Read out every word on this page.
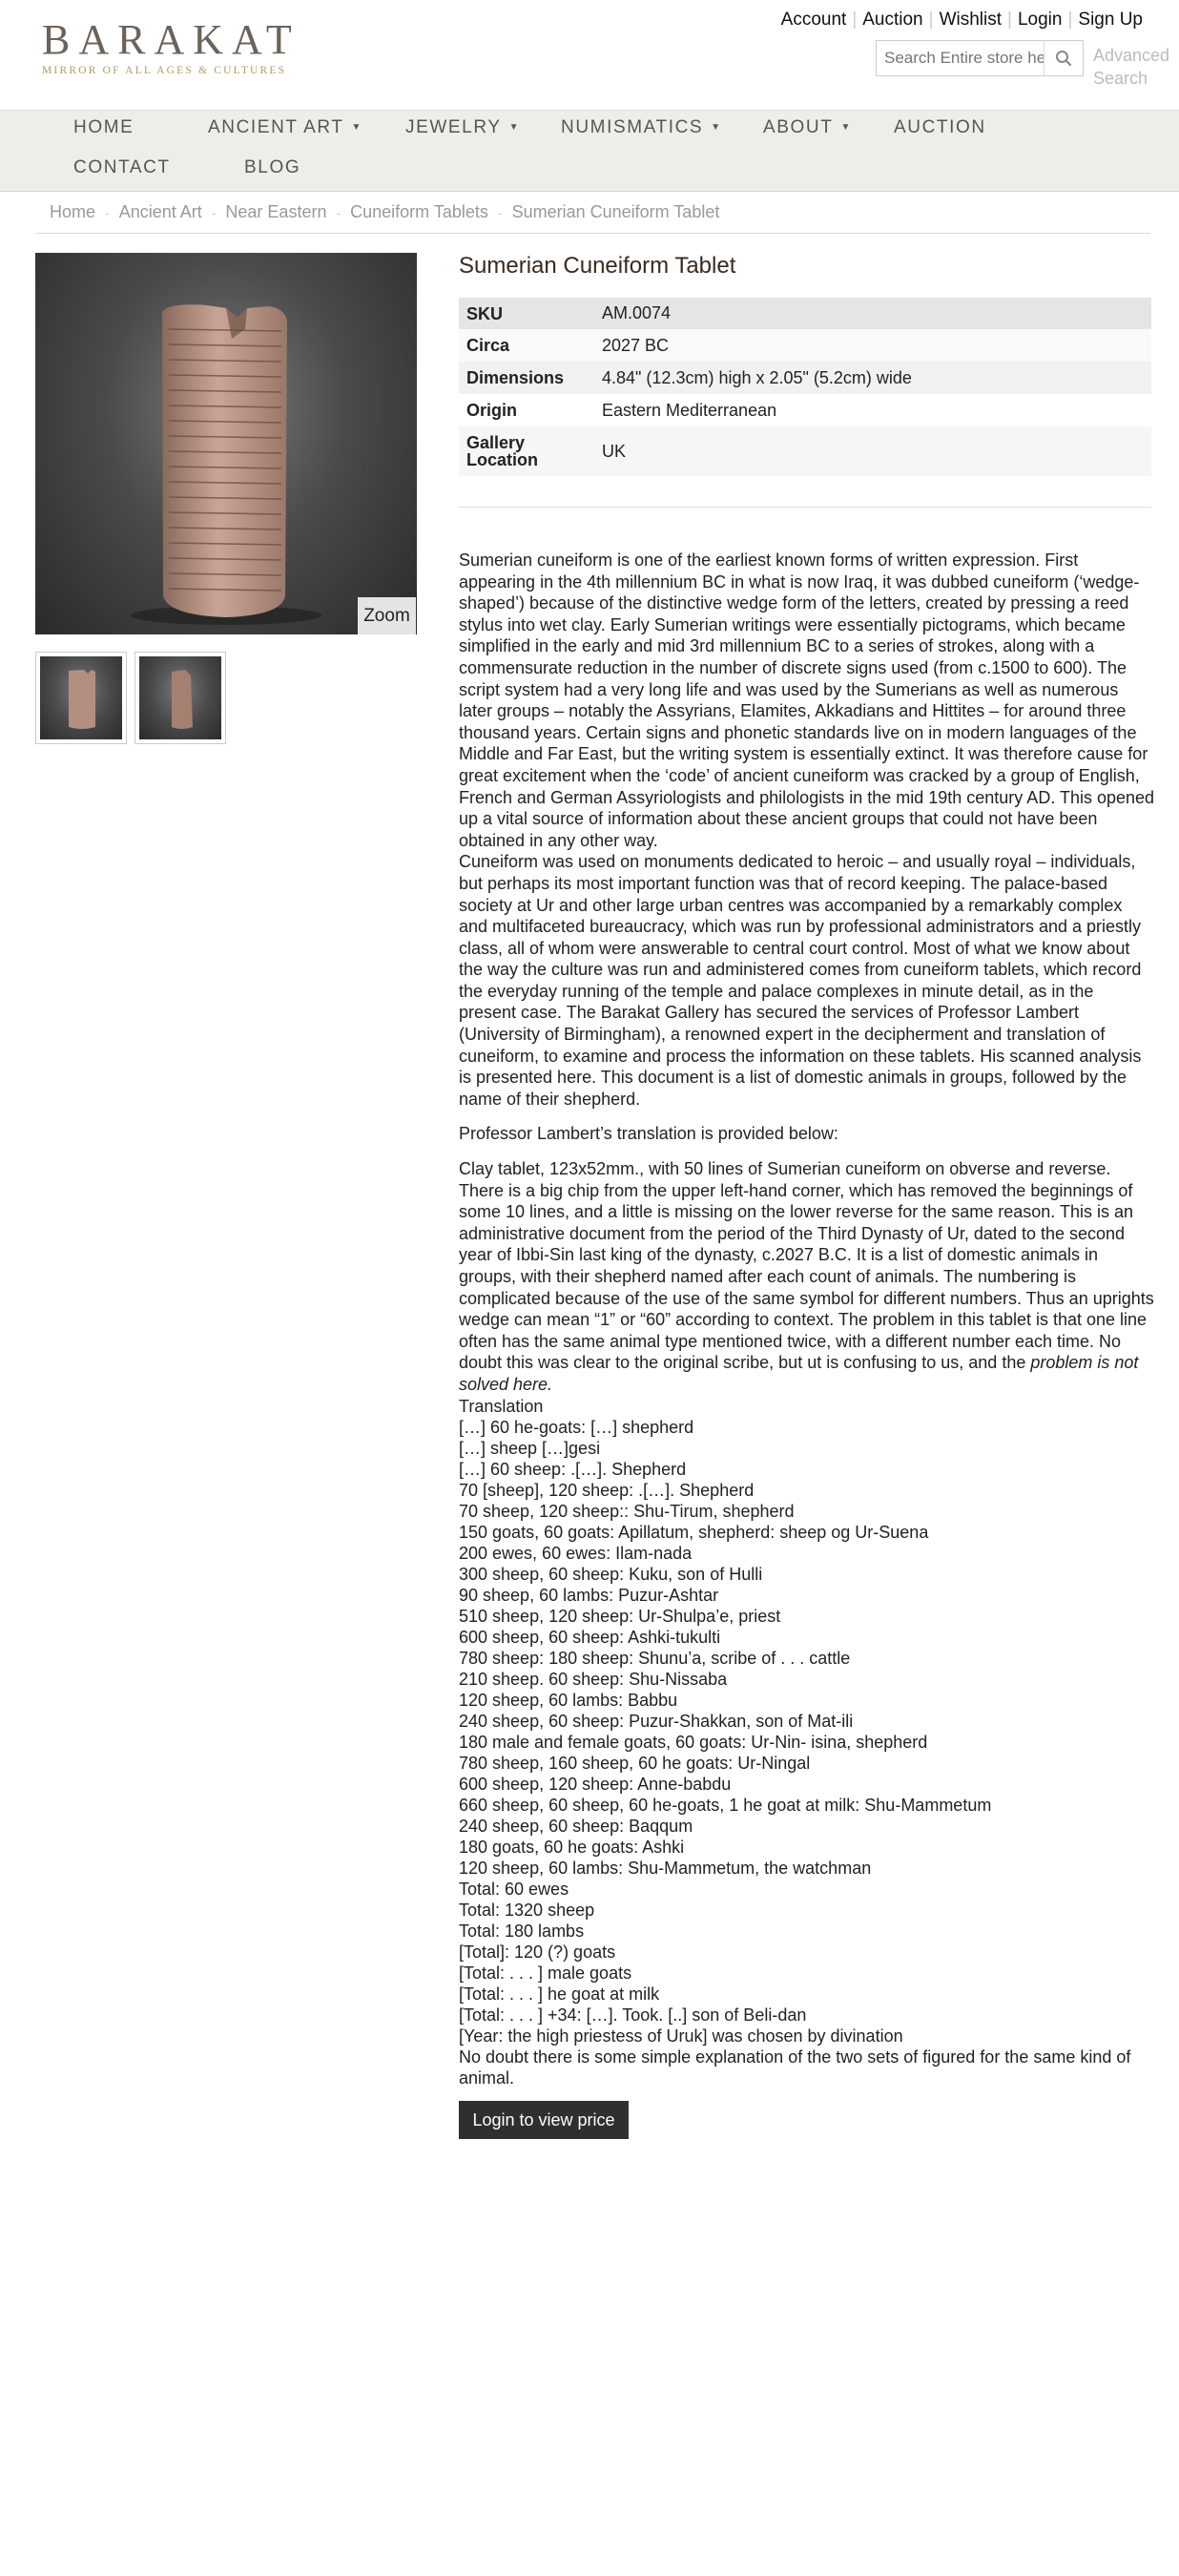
BARAKAT
MIRROR OF ALL AGES & CULTURES
Account | Auction | Wishlist | Login | Sign Up
Search Entire store here
Advanced
Search
HOME	ANCIENT ART ▼ JEWELRY ▼ NUMISMATICS ▼ ABOUT ▼ AUCTION
CONTACT	BLOG
Home - Ancient Art - Near Eastern - Cuneiform Tablets - Sumerian Cuneiform Tablet
Zoom
Sumerian Cuneiform Tablet
SKU	AM.0074
Circa	2027 BC
Dimensions	4.84" (12.3cm) high x 2.05" (5.2cm) wide
Origin	Eastern Mediterranean
Gallery Location	UK

Sumerian cuneiform is one of the earliest known forms of written expression. First appearing in the 4th millennium BC in what is now Iraq, it was dubbed cuneiform (‘wedge-shaped’) because of the distinctive wedge form of the letters, created by pressing a reed stylus into wet clay. Early Sumerian writings were essentially pictograms, which became simplified in the early and mid 3rd millennium BC to a series of strokes, along with a commensurate reduction in the number of discrete signs used (from c.1500 to 600). The script system had a very long life and was used by the Sumerians as well as numerous later groups – notably the Assyrians, Elamites, Akkadians and Hittites – for around three thousand years. Certain signs and phonetic standards live on in modern languages of the Middle and Far East, but the writing system is essentially extinct. It was therefore cause for great excitement when the ‘code’ of ancient cuneiform was cracked by a group of English, French and German Assyriologists and philologists in the mid 19th century AD. This opened up a vital source of information about these ancient groups that could not have been obtained in any other way.

Cuneiform was used on monuments dedicated to heroic – and usually royal – individuals, but perhaps its most important function was that of record keeping. The palace-based society at Ur and other large urban centres was accompanied by a remarkably complex and multifaceted bureaucracy, which was run by professional administrators and a priestly class, all of whom were answerable to central court control. Most of what we know about the way the culture was run and administered comes from cuneiform tablets, which record the everyday running of the temple and palace complexes in minute detail, as in the present case. The Barakat Gallery has secured the services of Professor Lambert (University of Birmingham), a renowned expert in the decipherment and translation of cuneiform, to examine and process the information on these tablets. His scanned analysis is presented here. This document is a list of domestic animals in groups, followed by the name of their shepherd.

Professor Lambert’s translation is provided below:

Clay tablet, 123x52mm., with 50 lines of Sumerian cuneiform on obverse and reverse. There is a big chip from the upper left-hand corner, which has removed the beginnings of some 10 lines, and a little is missing on the lower reverse for the same reason. This is an administrative document from the period of the Third Dynasty of Ur, dated to the second year of Ibbi-Sin last king of the dynasty, c.2027 B.C. It is a list of domestic animals in groups, with their shepherd named after each count of animals. The numbering is complicated because of the use of the same symbol for different numbers. Thus an uprights wedge can mean “1” or “60” according to context. The problem in this tablet is that one line often has the same animal type mentioned twice, with a different number each time. No doubt this was clear to the original scribe, but ut is confusing to us, and the problem is not solved here.

Translation

[…] 60 he-goats: […] shepherd

[…] sheep […]gesi

[…] 60 sheep: .[…]. Shepherd

70 [sheep], 120 sheep: .[…]. Shepherd

70 sheep, 120 sheep:: Shu-Tirum, shepherd

150 goats, 60 goats: Apillatum, shepherd: sheep og Ur-Suena

200 ewes, 60 ewes: Ilam-nada

300 sheep, 60 sheep: Kuku, son of Hulli

90 sheep, 60 lambs: Puzur-Ashtar

510 sheep, 120 sheep: Ur-Shulpa’e, priest

600 sheep, 60 sheep: Ashki-tukulti

780 sheep: 180 sheep: Shunu’a, scribe of . . . cattle

210 sheep. 60 sheep: Shu-Nissaba

120 sheep, 60 lambs: Babbu

240 sheep, 60 sheep: Puzur-Shakkan, son of Mat-ili

180 male and female goats, 60 goats: Ur-Nin- isina, shepherd

780 sheep, 160 sheep, 60 he goats: Ur-Ningal

600 sheep, 120 sheep: Anne-babdu

660 sheep, 60 sheep, 60 he-goats, 1 he goat at milk: Shu-Mammetum

240 sheep, 60 sheep: Baqqum

180 goats, 60 he goats: Ashki

120 sheep, 60 lambs: Shu-Mammetum, the watchman

Total: 60 ewes

Total: 1320 sheep

Total: 180 lambs

[Total]: 120 (?) goats

[Total: . . . ] male goats

[Total: . . . ] he goat at milk

[Total: . . . ] +34: […]. Took. [..] son of Beli-dan

[Year: the high priestess of Uruk] was chosen by divination

No doubt there is some simple explanation of the two sets of figured for the same kind of animal.

Login to view price
